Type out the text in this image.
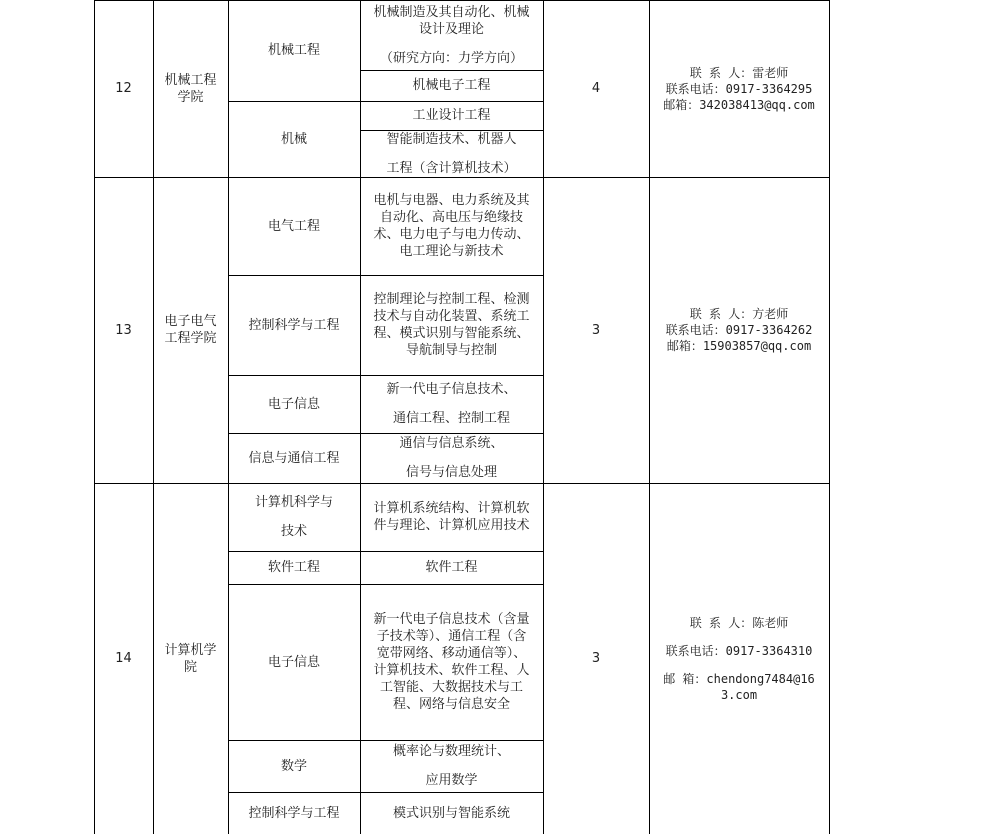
12
机械工程
学院
机械工程
机械制造及其自动化、机械
设计及理论
（研究方向：力学方向）
机械电子工程
机械
工业设计工程
智能制造技术、机器人
工程（含计算机技术）
4
联 系 人：雷老师
联系电话：0917-3364295
邮箱：342038413@qq.com
13
电子电气
工程学院
电气工程
电机与电器、电力系统及其
自动化、高电压与绝缘技
术、电力电子与电力传动、
电工理论与新技术
控制科学与工程
控制理论与控制工程、检测
技术与自动化装置、系统工
程、模式识别与智能系统、
导航制导与控制
电子信息
新一代电子信息技术、
通信工程、控制工程
信息与通信工程
通信与信息系统、
信号与信息处理
3
联 系 人：方老师
联系电话：0917-3364262
邮箱：15903857@qq.com
14
计算机学
院
计算机科学与
技术
计算机系统结构、计算机软
件与理论、计算机应用技术
软件工程	软件工程
电子信息
新一代电子信息技术（含量
子技术等）、通信工程（含
宽带网络、移动通信等）、
计算机技术、软件工程、人
工智能、大数据技术与工
程、网络与信息安全
数学
概率论与数理统计、
应用数学
控制科学与工程	模式识别与智能系统
3
联 系 人：陈老师
联系电话：0917-3364310
邮 箱：chendong7484@16
3.com
